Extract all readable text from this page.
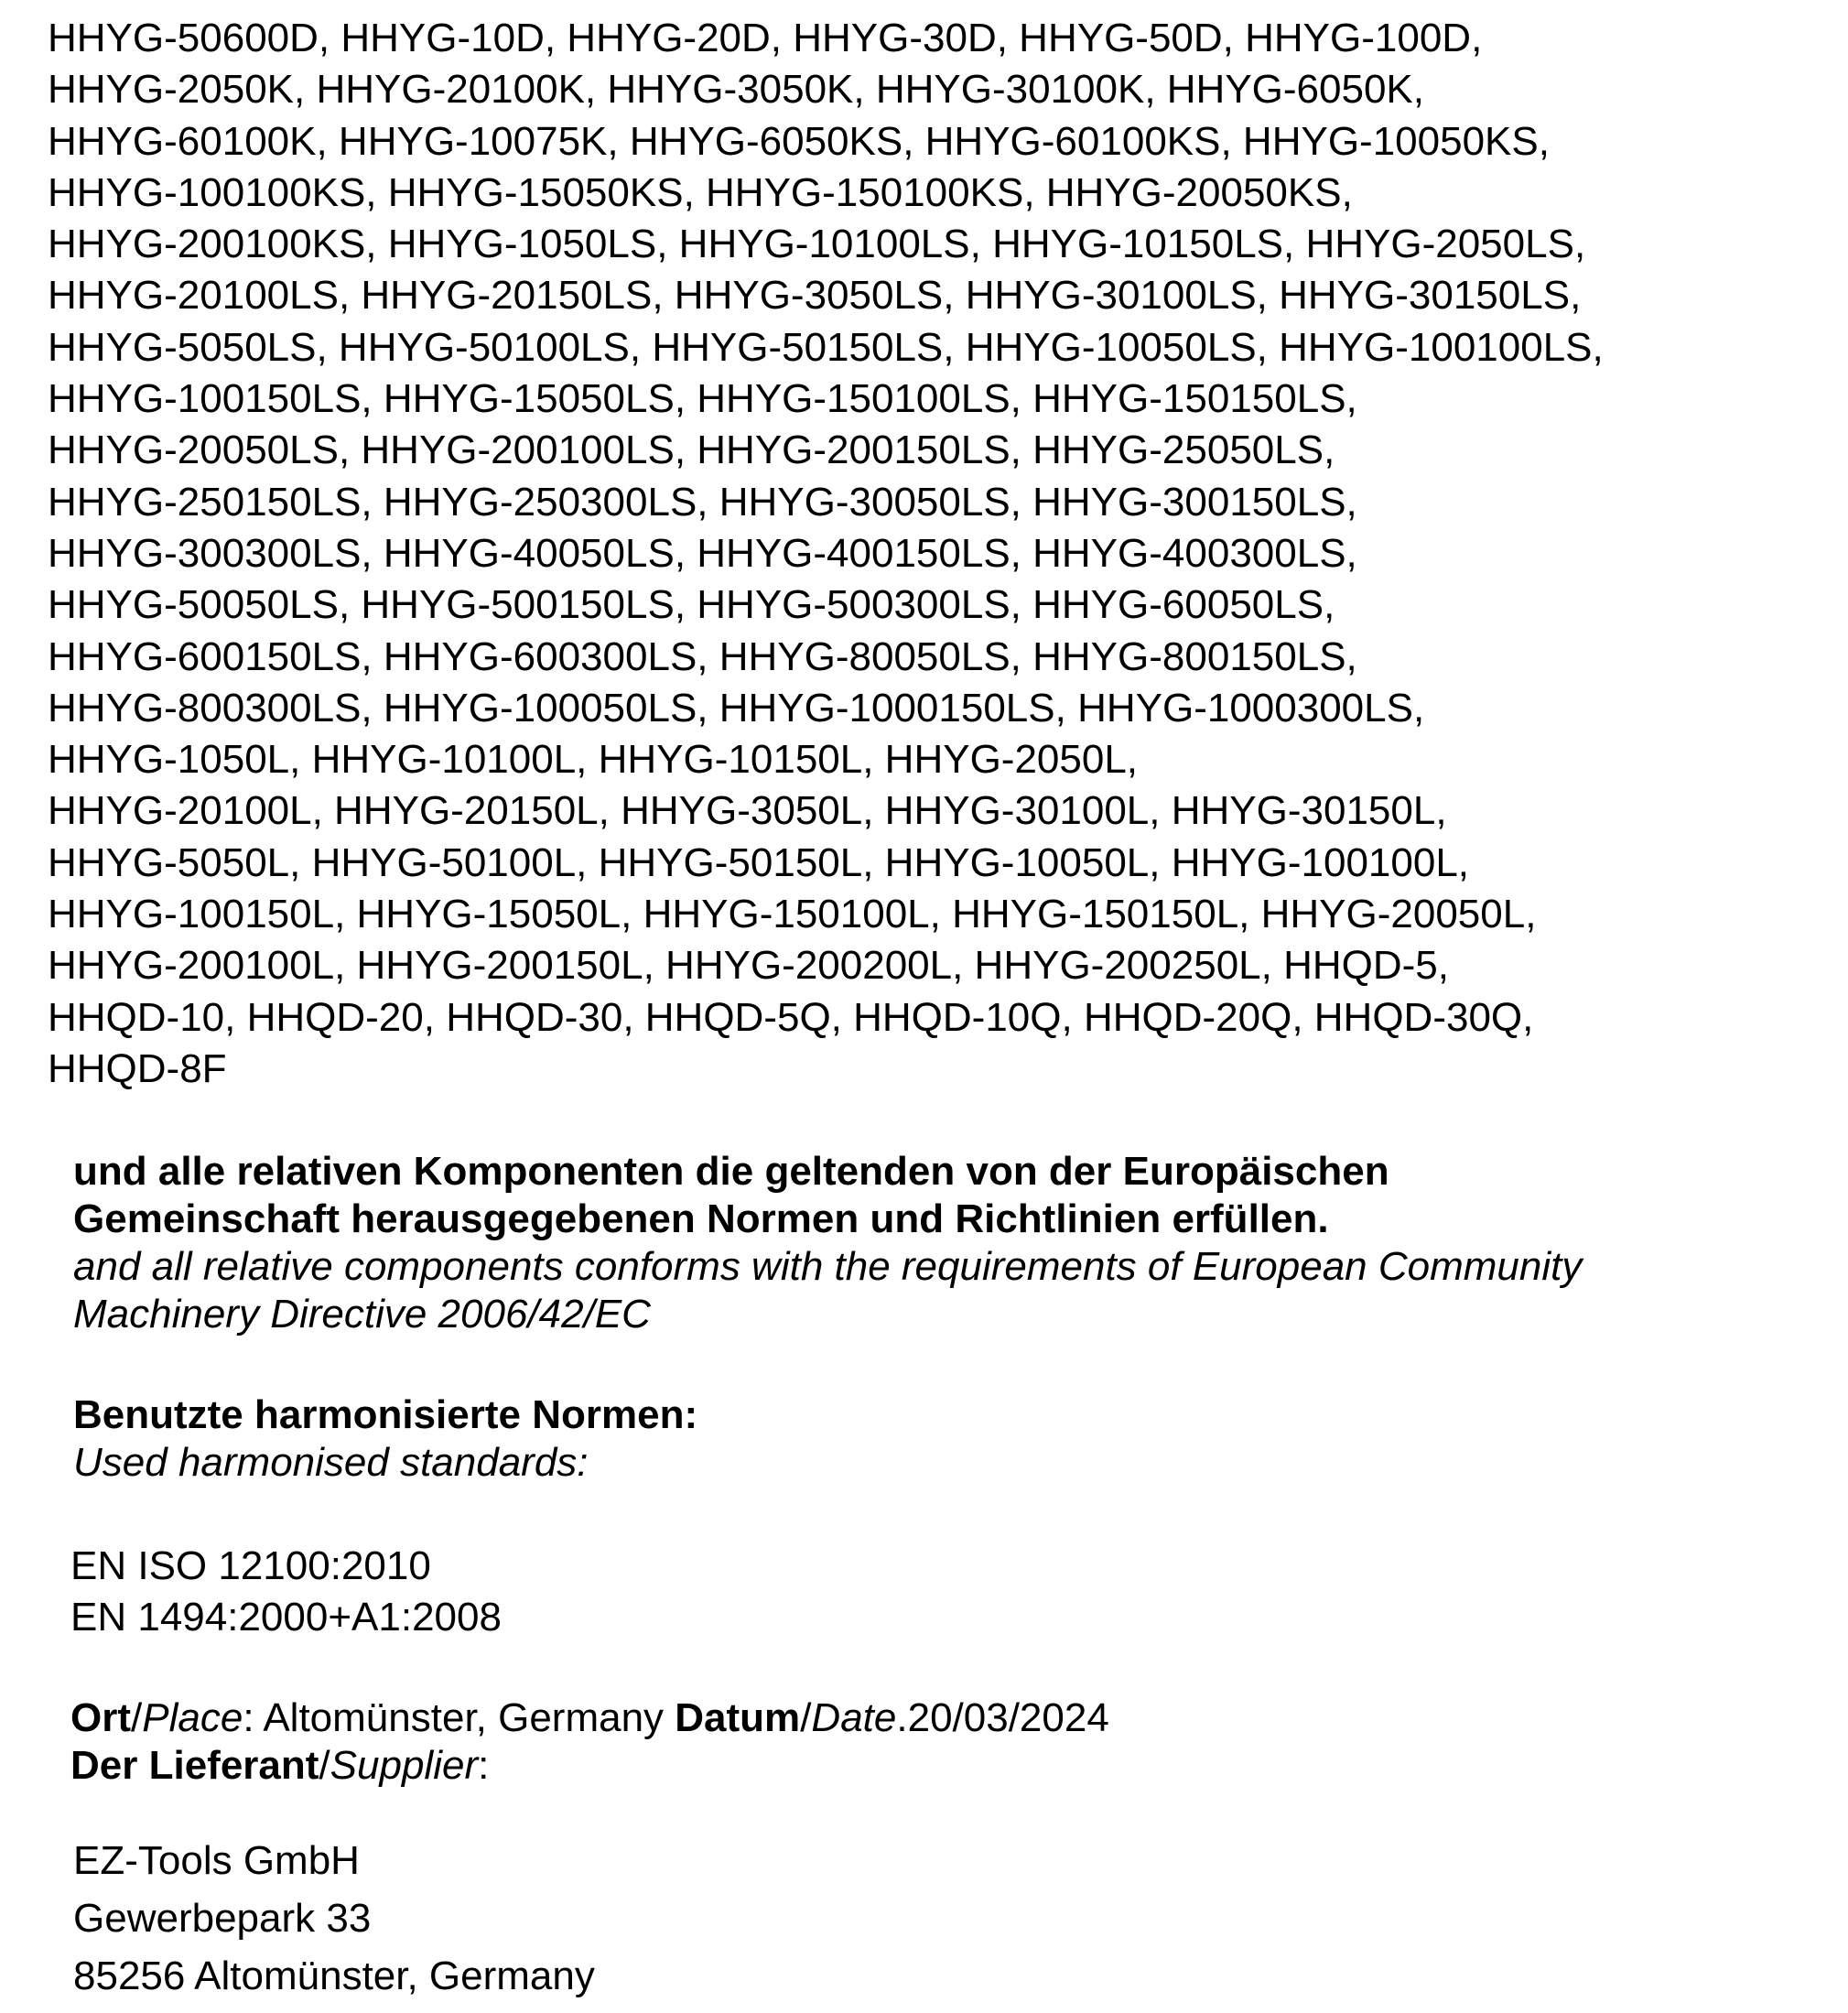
HHYG-50600D, HHYG-10D, HHYG-20D, HHYG-30D, HHYG-50D, HHYG-100D,
HHYG-2050K, HHYG-20100K, HHYG-3050K, HHYG-30100K, HHYG-6050K,
HHYG-60100K, HHYG-10075K, HHYG-6050KS, HHYG-60100KS, HHYG-10050KS,
HHYG-100100KS, HHYG-15050KS, HHYG-150100KS, HHYG-20050KS,
HHYG-200100KS, HHYG-1050LS, HHYG-10100LS, HHYG-10150LS, HHYG-2050LS,
HHYG-20100LS, HHYG-20150LS, HHYG-3050LS, HHYG-30100LS, HHYG-30150LS,
HHYG-5050LS, HHYG-50100LS, HHYG-50150LS, HHYG-10050LS, HHYG-100100LS,
HHYG-100150LS, HHYG-15050LS, HHYG-150100LS, HHYG-150150LS,
HHYG-20050LS, HHYG-200100LS, HHYG-200150LS, HHYG-25050LS,
HHYG-250150LS, HHYG-250300LS, HHYG-30050LS, HHYG-300150LS,
HHYG-300300LS, HHYG-40050LS, HHYG-400150LS, HHYG-400300LS,
HHYG-50050LS, HHYG-500150LS, HHYG-500300LS, HHYG-60050LS,
HHYG-600150LS, HHYG-600300LS, HHYG-80050LS, HHYG-800150LS,
HHYG-800300LS, HHYG-100050LS, HHYG-1000150LS, HHYG-1000300LS,
HHYG-1050L, HHYG-10100L, HHYG-10150L, HHYG-2050L,
HHYG-20100L, HHYG-20150L, HHYG-3050L, HHYG-30100L, HHYG-30150L,
HHYG-5050L, HHYG-50100L, HHYG-50150L, HHYG-10050L, HHYG-100100L,
HHYG-100150L, HHYG-15050L, HHYG-150100L, HHYG-150150L, HHYG-20050L,
HHYG-200100L, HHYG-200150L, HHYG-200200L, HHYG-200250L, HHQD-5,
HHQD-10, HHQD-20, HHQD-30, HHQD-5Q, HHQD-10Q, HHQD-20Q, HHQD-30Q,
HHQD-8F
und alle relativen Komponenten die geltenden von der Europäischen
Gemeinschaft herausgegebenen Normen und Richtlinien erfüllen.
and all relative components conforms with the requirements of European Community
Machinery Directive 2006/42/EC
Benutzte harmonisierte Normen:
Used harmonised standards:
EN ISO 12100:2010
EN 1494:2000+A1:2008
Ort/Place: Altomünster, Germany Datum/Date.20/03/2024
Der Lieferant/Supplier:
EZ-Tools GmbH
Gewerbepark 33
85256 Altomünster, Germany
